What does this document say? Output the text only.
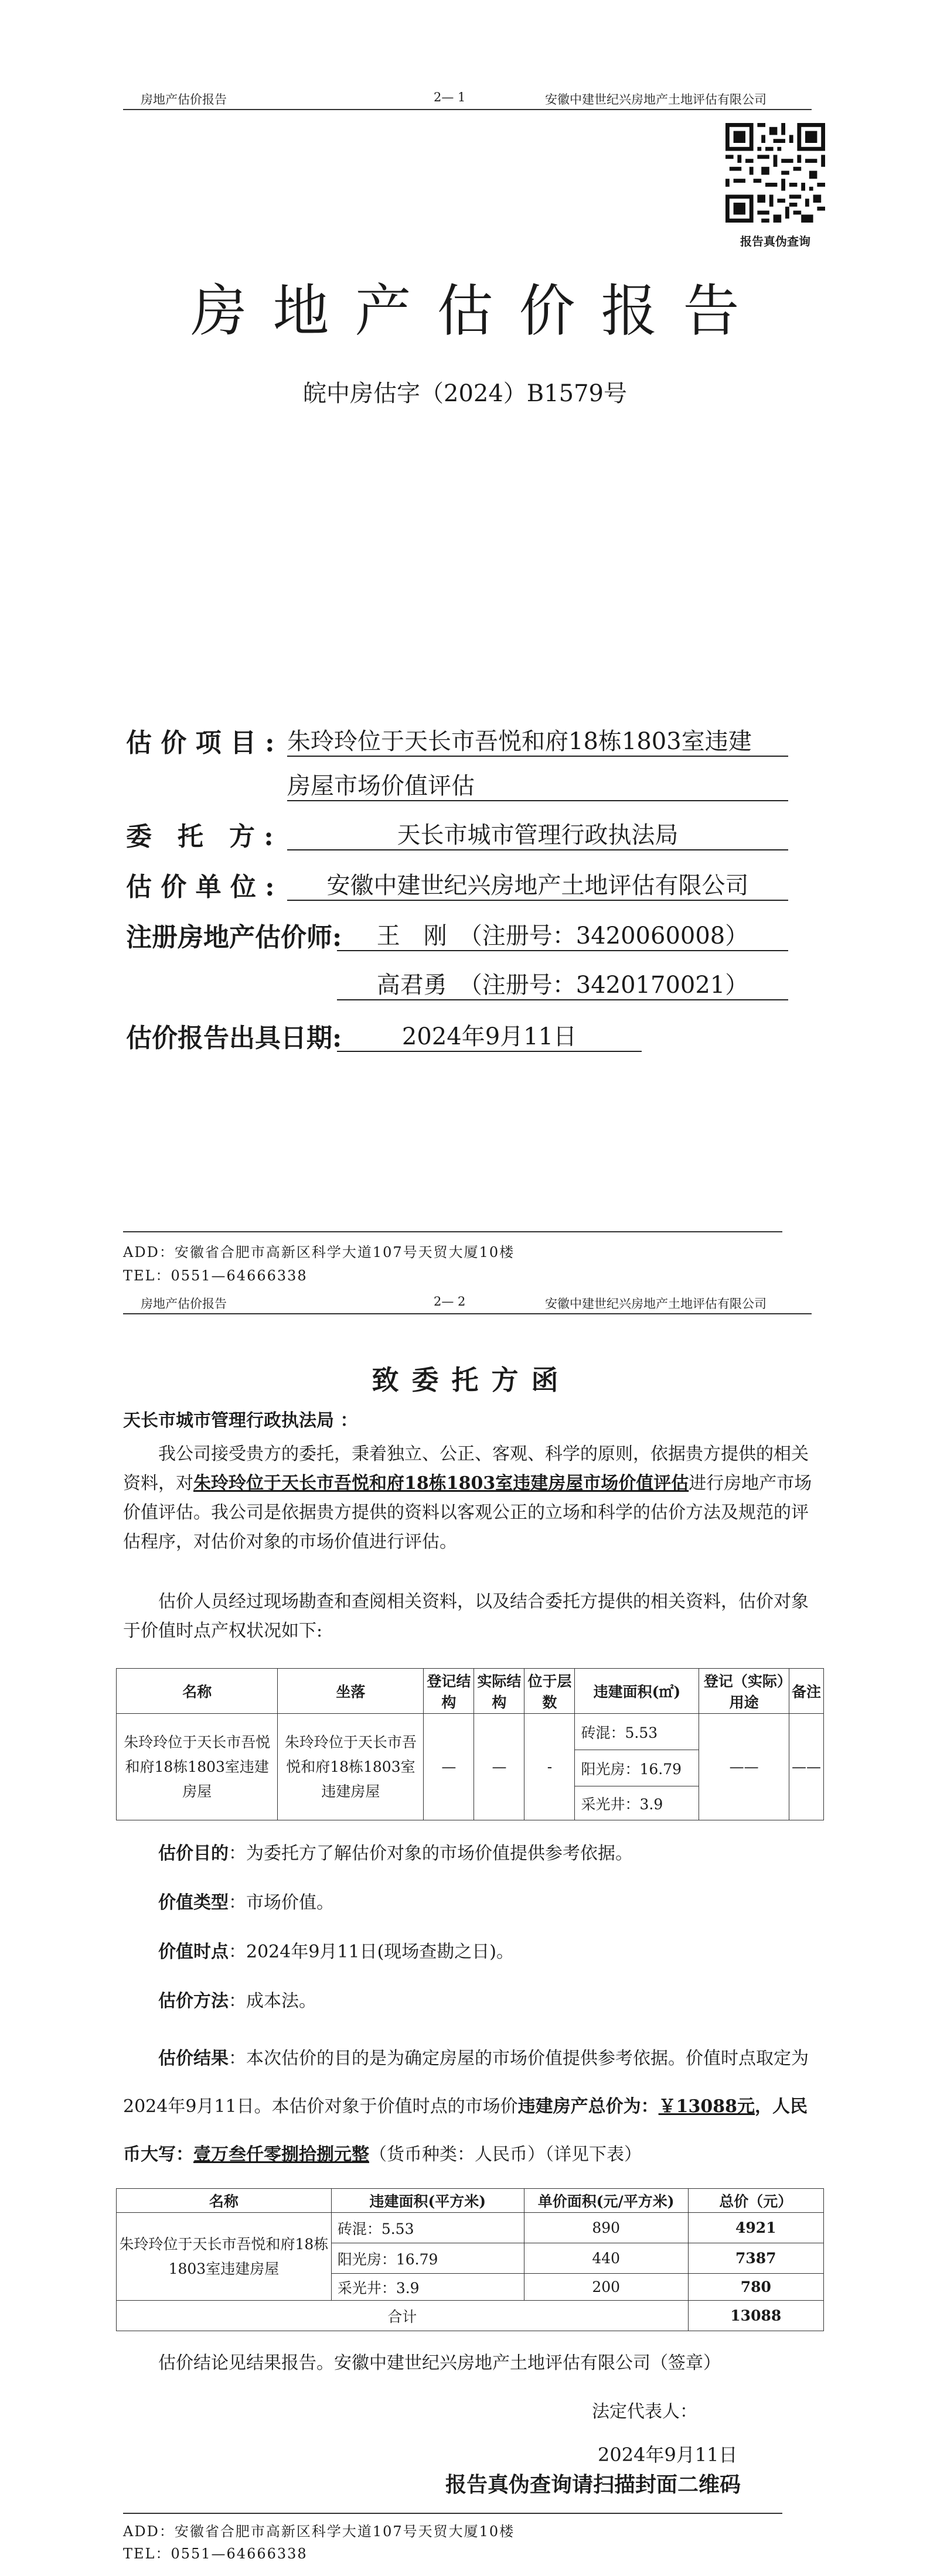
房地产估价报告	2— 1	安徽中建世纪兴房地产土地评估有限公司
报告真伪查询
房地产估价报告
皖中房估字（2024）B1579号
估 价 项 目 : 朱玲玲位于天长市吾悦和府18栋1803室违建
房屋市场价值评估
委　托　方 :	天长市城市管理行政执法局
估 价 单 位 :	安徽中建世纪兴房地产土地评估有限公司
注册房地产估价师:	王　刚　（注册号：3420060008）
高君勇　（注册号：3420170021）
估价报告出具日期:	2024年9月11日
ADD：安徽省合肥市高新区科学大道107号天贸大厦10楼
TEL：0551—64666338
房地产估价报告	2— 2	安徽中建世纪兴房地产土地评估有限公司
致委托方函
天长市城市管理行政执法局 ：
我公司接受贵方的委托，秉着独立、公正、客观、科学的原则，依据贵方提供的相关资料，对朱玲玲位于天长市吾悦和府18栋1803室违建房屋市场价值评估进行房地产市场价值评估。我公司是依据贵方提供的资料以客观公正的立场和科学的估价方法及规范的评估程序，对估价对象的市场价值进行评估。
估价人员经过现场勘查和查阅相关资料，以及结合委托方提供的相关资料，估价对象于价值时点产权状况如下:
名称	坐落	登记结构	实际结构	位于层数	违建面积(㎡)	登记（实际）用途	备注
朱玲玲位于天长市吾悦和府18栋1803室违建房屋	朱玲玲位于天长市吾悦和府18栋1803室违建房屋	—	—	-	砖混：5.53	——	——
					阳光房：16.79		
					采光井：3.9		
估价目的：为委托方了解估价对象的市场价值提供参考依据。
价值类型：市场价值。
价值时点：2024年9月11日(现场查勘之日)。
估价方法：成本法。
估价结果：本次估价的目的是为确定房屋的市场价值提供参考依据。价值时点取定为2024年9月11日。本估价对象于价值时点的市场价违建房产总价为：￥13088元，人民币大写：壹万叁仟零捌拾捌元整（货币种类：人民币）（详见下表）
名称	违建面积(平方米)	单价面积(元/平方米)	总价（元）
朱玲玲位于天长市吾悦和府18栋1803室违建房屋	砖混：5.53	890	4921
	阳光房：16.79	440	7387
	采光井：3.9	200	780
合计			13088
估价结论见结果报告。安徽中建世纪兴房地产土地评估有限公司（签章）
法定代表人：
2024年9月11日
报告真伪查询请扫描封面二维码
ADD：安徽省合肥市高新区科学大道107号天贸大厦10楼
TEL：0551—64666338
